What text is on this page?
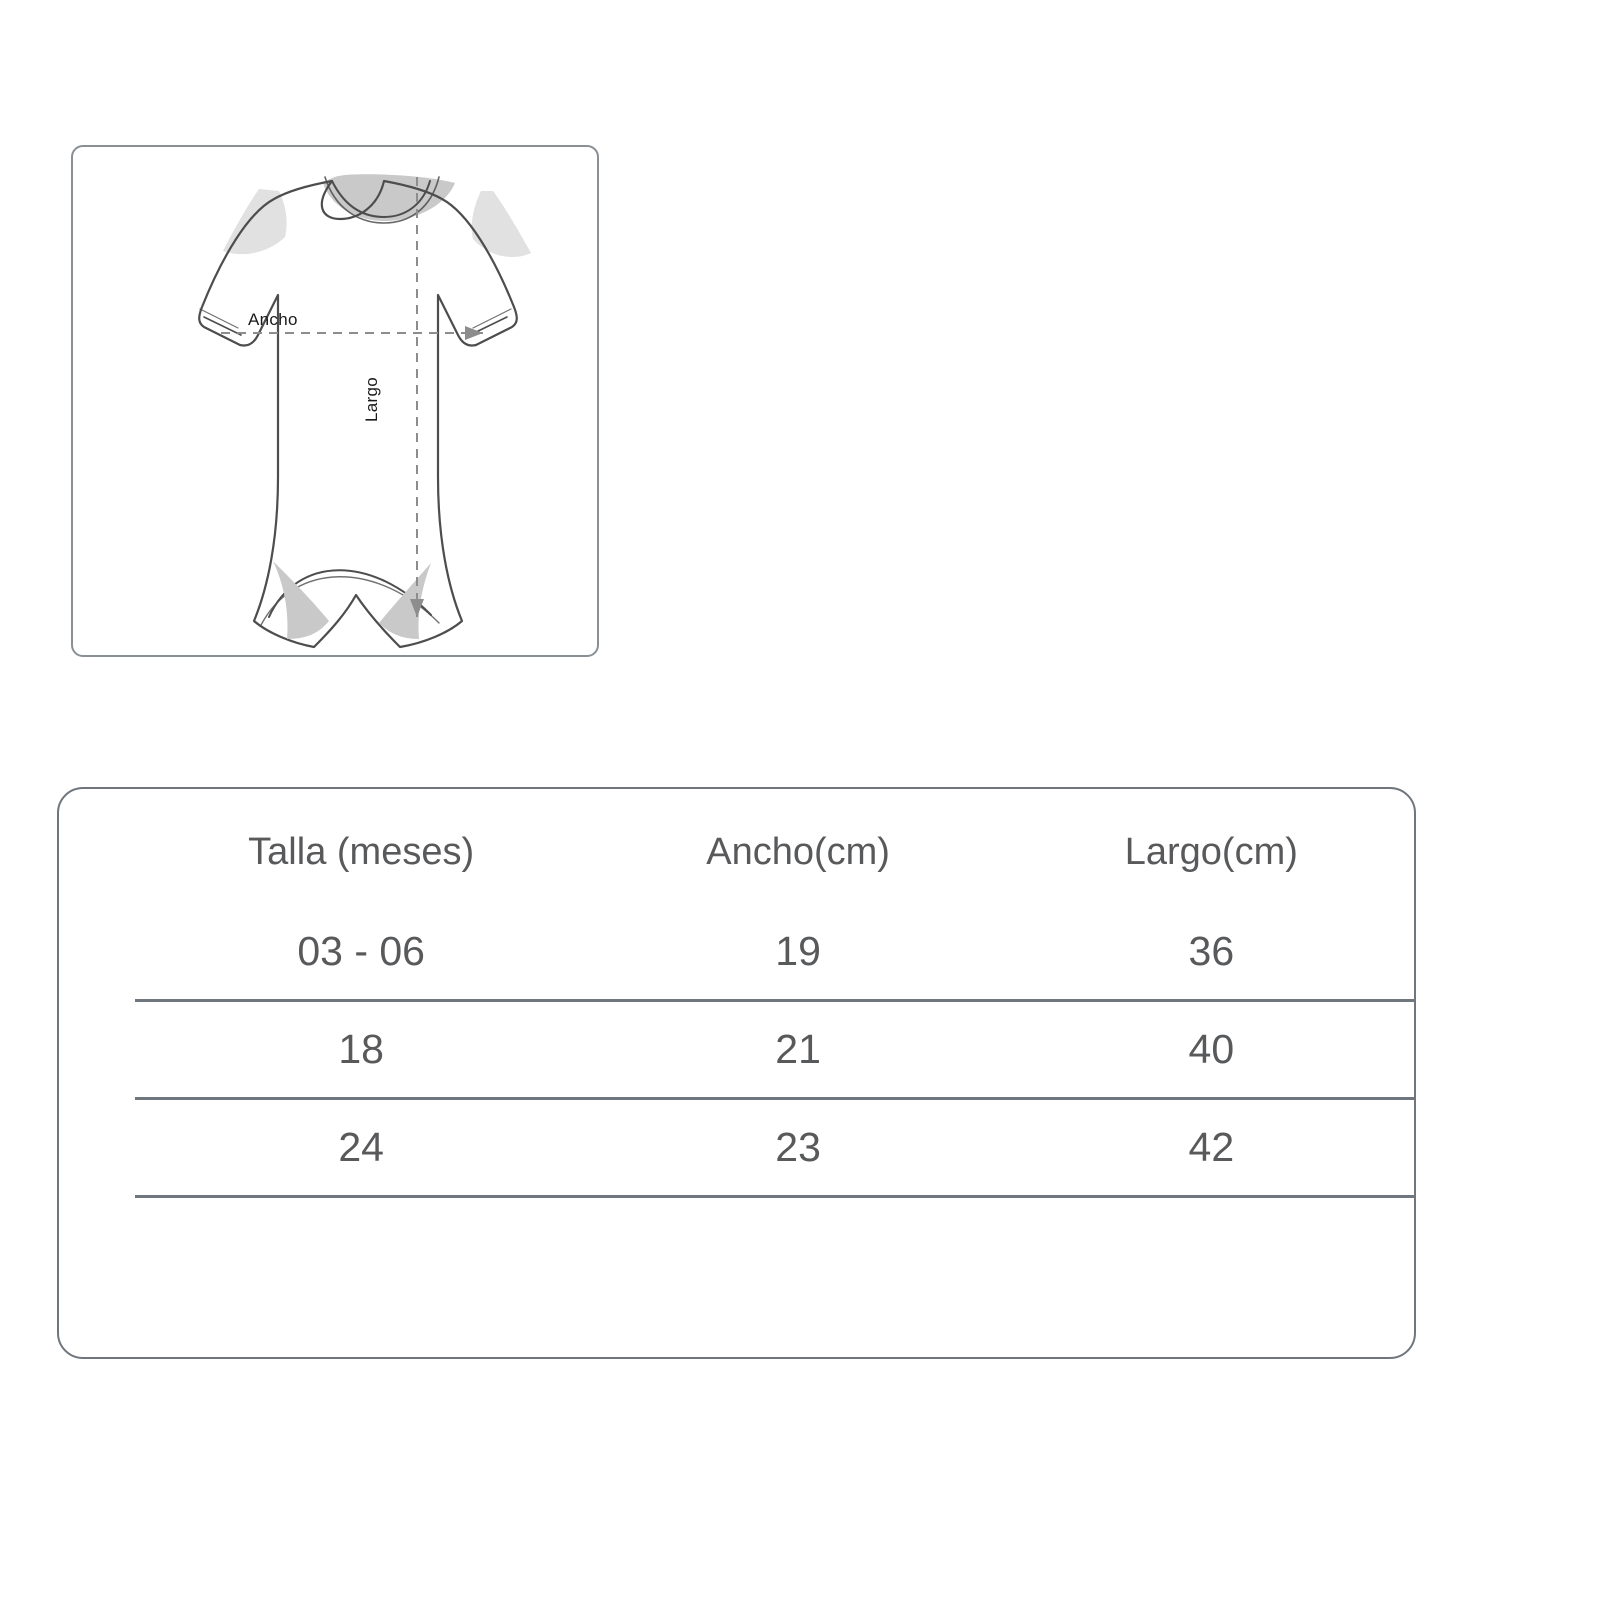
Ancho
Largo
	Talla (meses)	Ancho(cm)	Largo(cm)
	03 - 06	19	36
	18	21	40
	24	23	42
